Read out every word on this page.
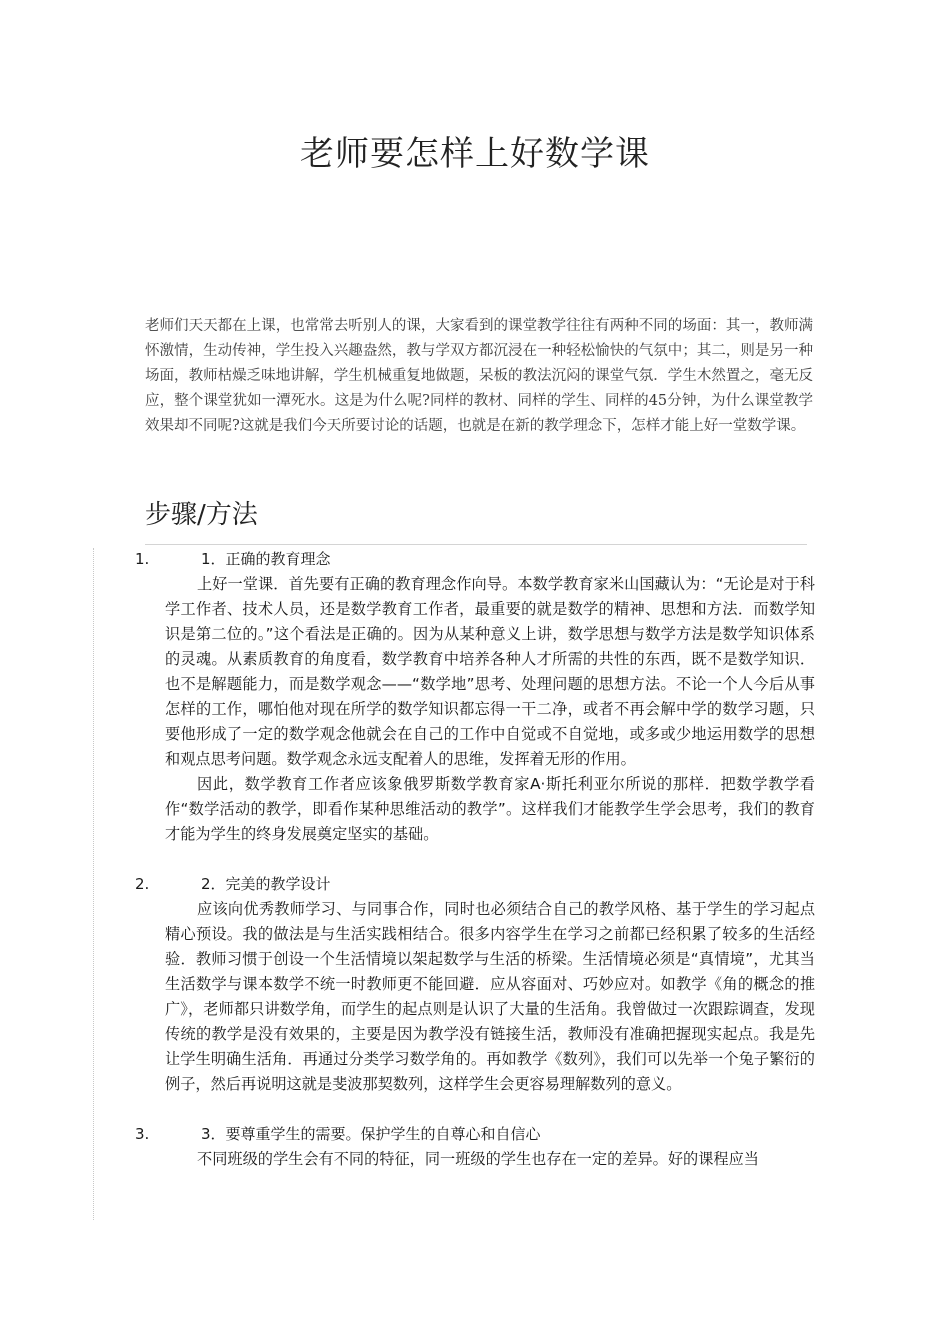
老师要怎样上好数学课

老师们天天都在上课，也常常去听别人的课，大家看到的课堂教学往往有两种不同的场面：其一，教师满怀激情，生动传神，学生投入兴趣盎然，教与学双方都沉浸在一种轻松愉快的气氛中；其二，则是另一种场面，教师枯燥乏味地讲解，学生机械重复地做题，呆板的教法沉闷的课堂气氛．学生木然置之，毫无反应，整个课堂犹如一潭死水。这是为什么呢?同样的教材、同样的学生、同样的45分钟，为什么课堂教学效果却不同呢?这就是我们今天所要讨论的话题，也就是在新的教学理念下，怎样才能上好一堂数学课。

步骤/方法
1.	1．正确的教育理念

上好一堂课．首先要有正确的教育理念作向导。本数学教育家米山国藏认为：“无论是对于科学工作者、技术人员，还是数学教育工作者，最重要的就是数学的精神、思想和方法．而数学知识是第二位的。”这个看法是正确的。因为从某种意义上讲，数学思想与数学方法是数学知识体系的灵魂。从素质教育的角度看，数学教育中培养各种人才所需的共性的东西，既不是数学知识．也不是解题能力，而是数学观念——“数学地”思考、处理问题的思想方法。不论一个人今后从事怎样的工作，哪怕他对现在所学的数学知识都忘得一干二净，或者不再会解中学的数学习题，只要他形成了一定的数学观念他就会在自己的工作中自觉或不自觉地，或多或少地运用数学的思想和观点思考问题。数学观念永远支配着人的思维，发挥着无形的作用。

因此，数学教育工作者应该象俄罗斯数学教育家A·斯托利亚尔所说的那样．把数学教学看作“数学活动的教学，即看作某种思维活动的教学”。这样我们才能教学生学会思考，我们的教育才能为学生的终身发展奠定坚实的基础。

2.	2．完美的教学设计

应该向优秀教师学习、与同事合作，同时也必须结合自己的教学风格、基于学生的学习起点精心预设。我的做法是与生活实践相结合。很多内容学生在学习之前都已经积累了较多的生活经验．教师习惯于创设一个生活情境以架起数学与生活的桥梁。生活情境必须是“真情境”，尤其当生活数学与课本数学不统一时教师更不能回避．应从容面对、巧妙应对。如教学《角的概念的推广》，老师都只讲数学角，而学生的起点则是认识了大量的生活角。我曾做过一次跟踪调查，发现传统的教学是没有效果的，主要是因为教学没有链接生活，教师没有准确把握现实起点。我是先让学生明确生活角．再通过分类学习数学角的。再如教学《数列》，我们可以先举一个兔子繁衍的例子，然后再说明这就是斐波那契数列，这样学生会更容易理解数列的意义。

3.	3．要尊重学生的需要。保护学生的自尊心和自信心

不同班级的学生会有不同的特征，同一班级的学生也存在一定的差异。好的课程应当
